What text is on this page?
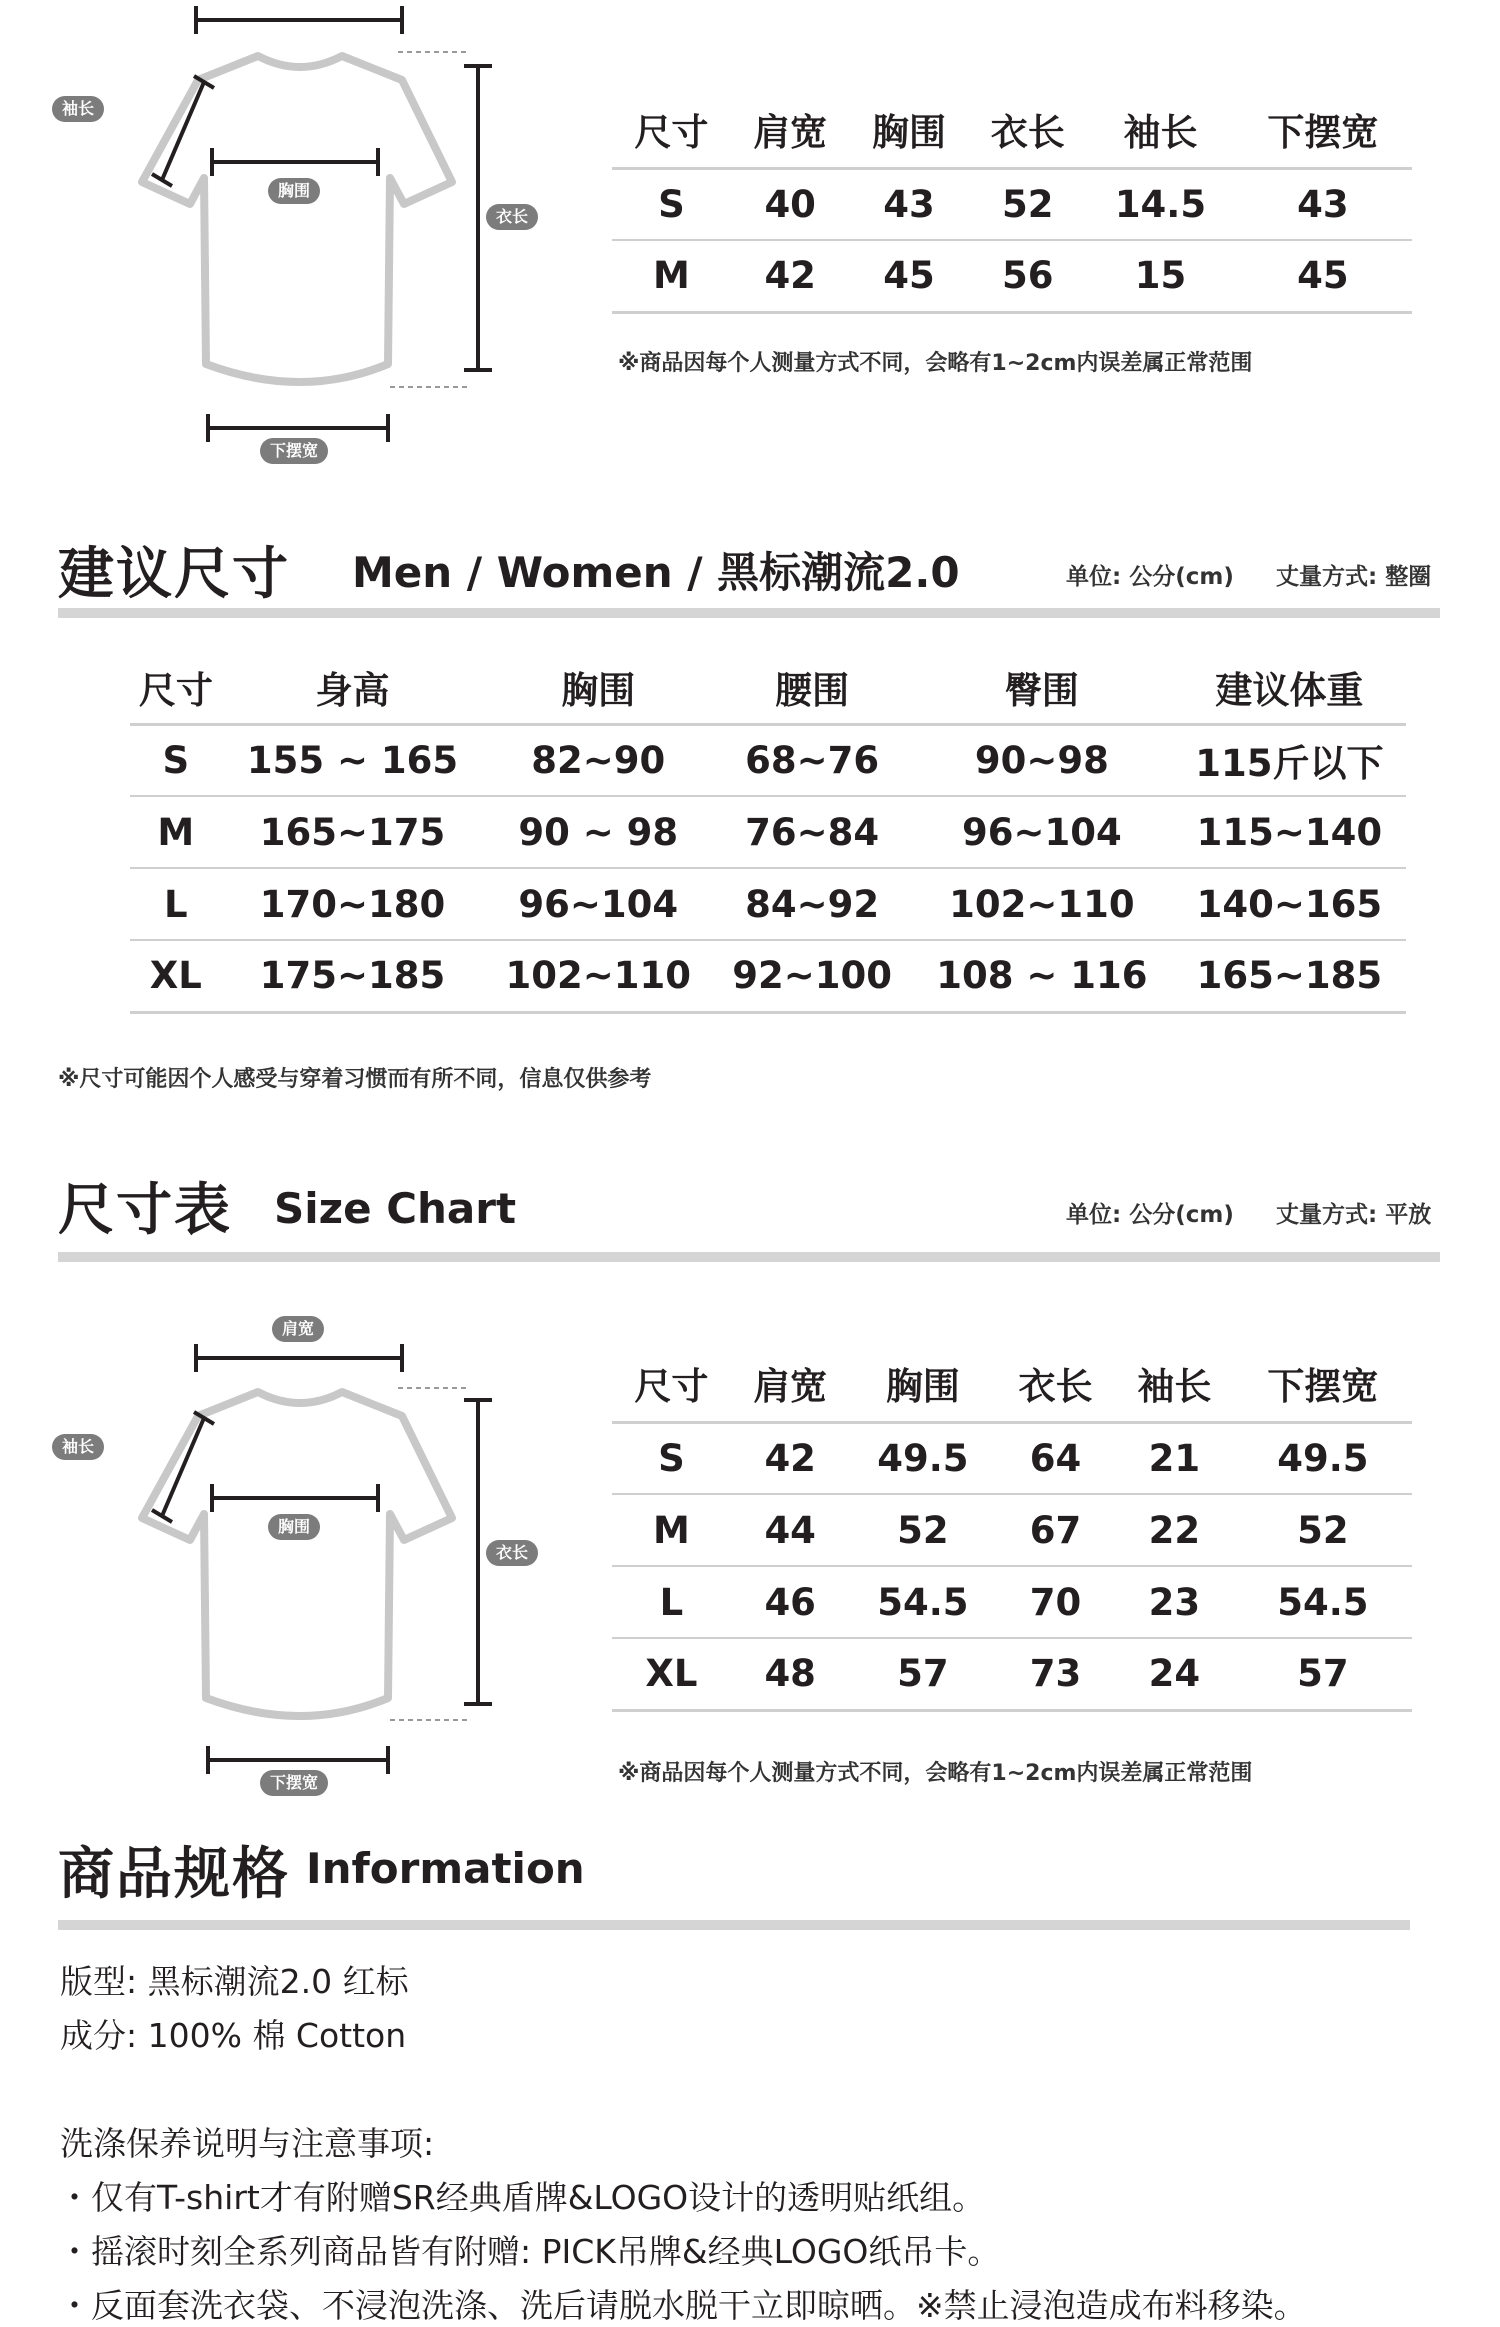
袖长
胸围
衣长
下摆宽
尺寸	肩宽	胸围	衣长	袖长	下摆宽
S	40	43	52	14.5	43
M	42	45	56	15	45
※商品因每个人测量方式不同，会略有1~2cm内误差属正常范围
建议尺寸 Men / Women / 黑标潮流2.0	单位: 公分(cm) 丈量方式: 整圈
尺寸	身高	胸围	腰围	臀围	建议体重
S	155 ~ 165	82~90	68~76	90~98	115斤以下
M	165~175	90 ~ 98	76~84	96~104	115~140
L	170~180	96~104	84~92	102~110	140~165
XL	175~185	102~110	92~100	108 ~ 116	165~185
※尺寸可能因个人感受与穿着习惯而有所不同，信息仅供参考
尺寸表 Size Chart	单位: 公分(cm) 丈量方式: 平放
肩宽
袖长
胸围
衣长
下摆宽
尺寸	肩宽	胸围	衣长	袖长	下摆宽
S	42	49.5	64	21	49.5
M	44	52	67	22	52
L	46	54.5	70	23	54.5
XL	48	57	73	24	57
※商品因每个人测量方式不同，会略有1~2cm内误差属正常范围
商品规格 Information
版型: 黑标潮流2.0 红标
成分: 100% 棉 Cotton
洗涤保养说明与注意事项:
・仅有T-shirt才有附赠SR经典盾牌&LOGO设计的透明贴纸组。
・摇滚时刻全系列商品皆有附赠: PICK吊牌&经典LOGO纸吊卡。
・反面套洗衣袋、不浸泡洗涤、洗后请脱水脱干立即晾晒。※禁止浸泡造成布料移染。
